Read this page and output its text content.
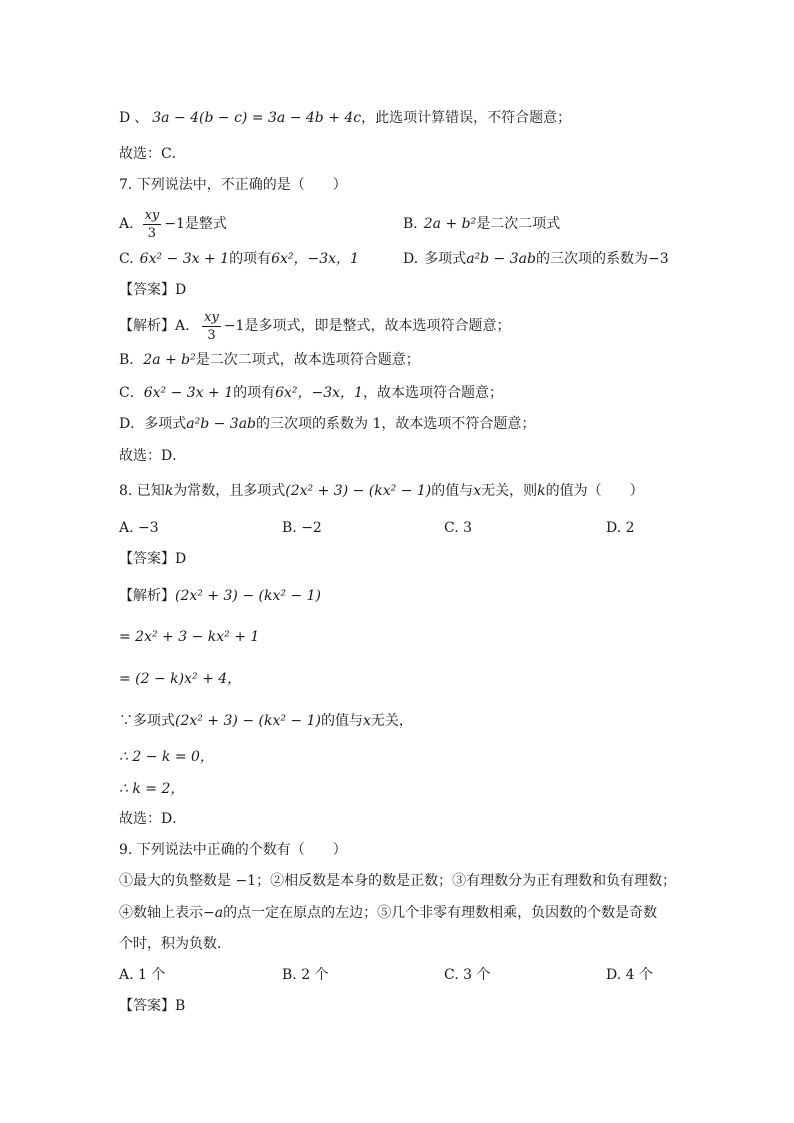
D 、 3a − 4(b − c) = 3a − 4b + 4c ，此选项计算错误，不符合题意；
故选：C．
7. 下列说法中，不正确的是（　　）
A. $\frac{xy}{3} -1$ 是整式	B. 2a + b² 是二次二项式
C. 6x² − 3x + 1 的项有 6x²，−3x，1	D. 多项式 a²b − 3ab 的三次项的系数为 −3
【答案】D
【解析】A． $\frac{xy}{3} -1$ 是多项式，即是整式，故本选项符合题意；
B． 2a + b² 是二次二项式，故本选项符合题意；
C． 6x² − 3x + 1 的项有 6x²，−3x，1 ，故本选项符合题意；
D．多项式 a²b − 3ab 的三次项的系数为 1，故本选项不符合题意；
故选：D．
8. 已知 k 为常数，且多项式 (2x² + 3) − (kx² − 1) 的值与 x 无关，则 k 的值为（　　）
A. −3	B. −2	C. 3	D. 2
【答案】D
【解析】 (2x² + 3) − (kx² − 1)
= 2x² + 3 − kx² + 1
= (2 − k)x² + 4，
∵多项式 (2x² + 3) − (kx² − 1) 的值与 x 无关，
∴ 2 − k = 0，
∴ k = 2，
故选：D．
9. 下列说法中正确的个数有（　　）
①最大的负整数是 −1；②相反数是本身的数是正数；③有理数分为正有理数和负有理数；
④数轴上表示 −a 的点一定在原点的左边；⑤几个非零有理数相乘，负因数的个数是奇数
个时，积为负数．
A. 1 个	B. 2 个	C. 3 个	D. 4 个
【答案】B
